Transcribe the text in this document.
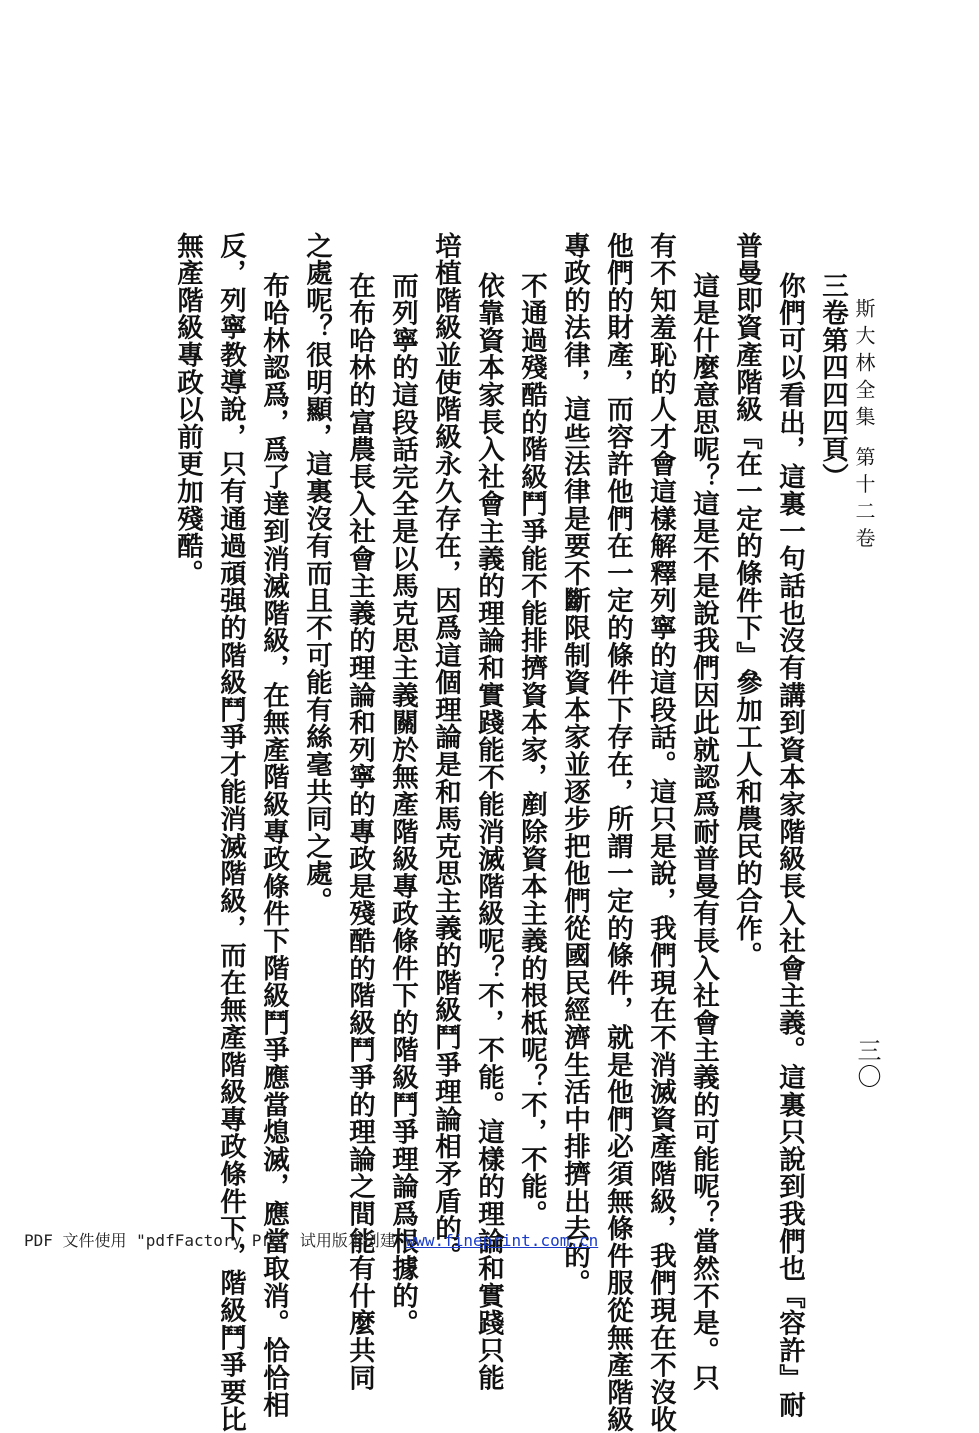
斯大林全集 第十二卷
三〇
三卷第四四四頁）
你們可以看出，這裏一句話也沒有講到資本家階級長入社會主義。這裏只說到我們也『容許』耐
普曼即資產階級『在一定的條件下』參加工人和農民的合作。
這是什麼意思呢？這是不是說我們因此就認爲耐普曼有長入社會主義的可能呢？當然不是。只
有不知羞恥的人才會這樣解釋列寧的這段話。這只是說，我們現在不消滅資產階級，我們現在不沒收
他們的財產，而容許他們在一定的條件下存在，所謂一定的條件，就是他們必須無條件服從無產階級
專政的法律，這些法律是要不斷限制資本家並逐步把他們從國民經濟生活中排擠出去的。
不通過殘酷的階級鬥爭能不能排擠資本家，剷除資本主義的根柢呢？不，不能。
依靠資本家長入社會主義的理論和實踐能不能消滅階級呢？不，不能。這樣的理論和實踐只能
培植階級並使階級永久存在，因爲這個理論是和馬克思主義的階級鬥爭理論相矛盾的。
而列寧的這段話完全是以馬克思主義關於無產階級專政條件下的階級鬥爭理論爲根據的。
在布哈林的富農長入社會主義的理論和列寧的專政是殘酷的階級鬥爭的理論之間能有什麼共同
之處呢？很明顯，這裏沒有而且不可能有絲毫共同之處。
布哈林認爲，爲了達到消滅階級，在無產階級專政條件下階級鬥爭應當熄滅，應當取消。恰恰相
反，列寧教導說，只有通過頑强的階級鬥爭才能消滅階級，而在無產階級專政條件下，階級鬥爭要比
無產階級專政以前更加殘酷。
PDF 文件使用 "pdfFactory Pro" 试用版本创建 www.fineprint.com.cn
